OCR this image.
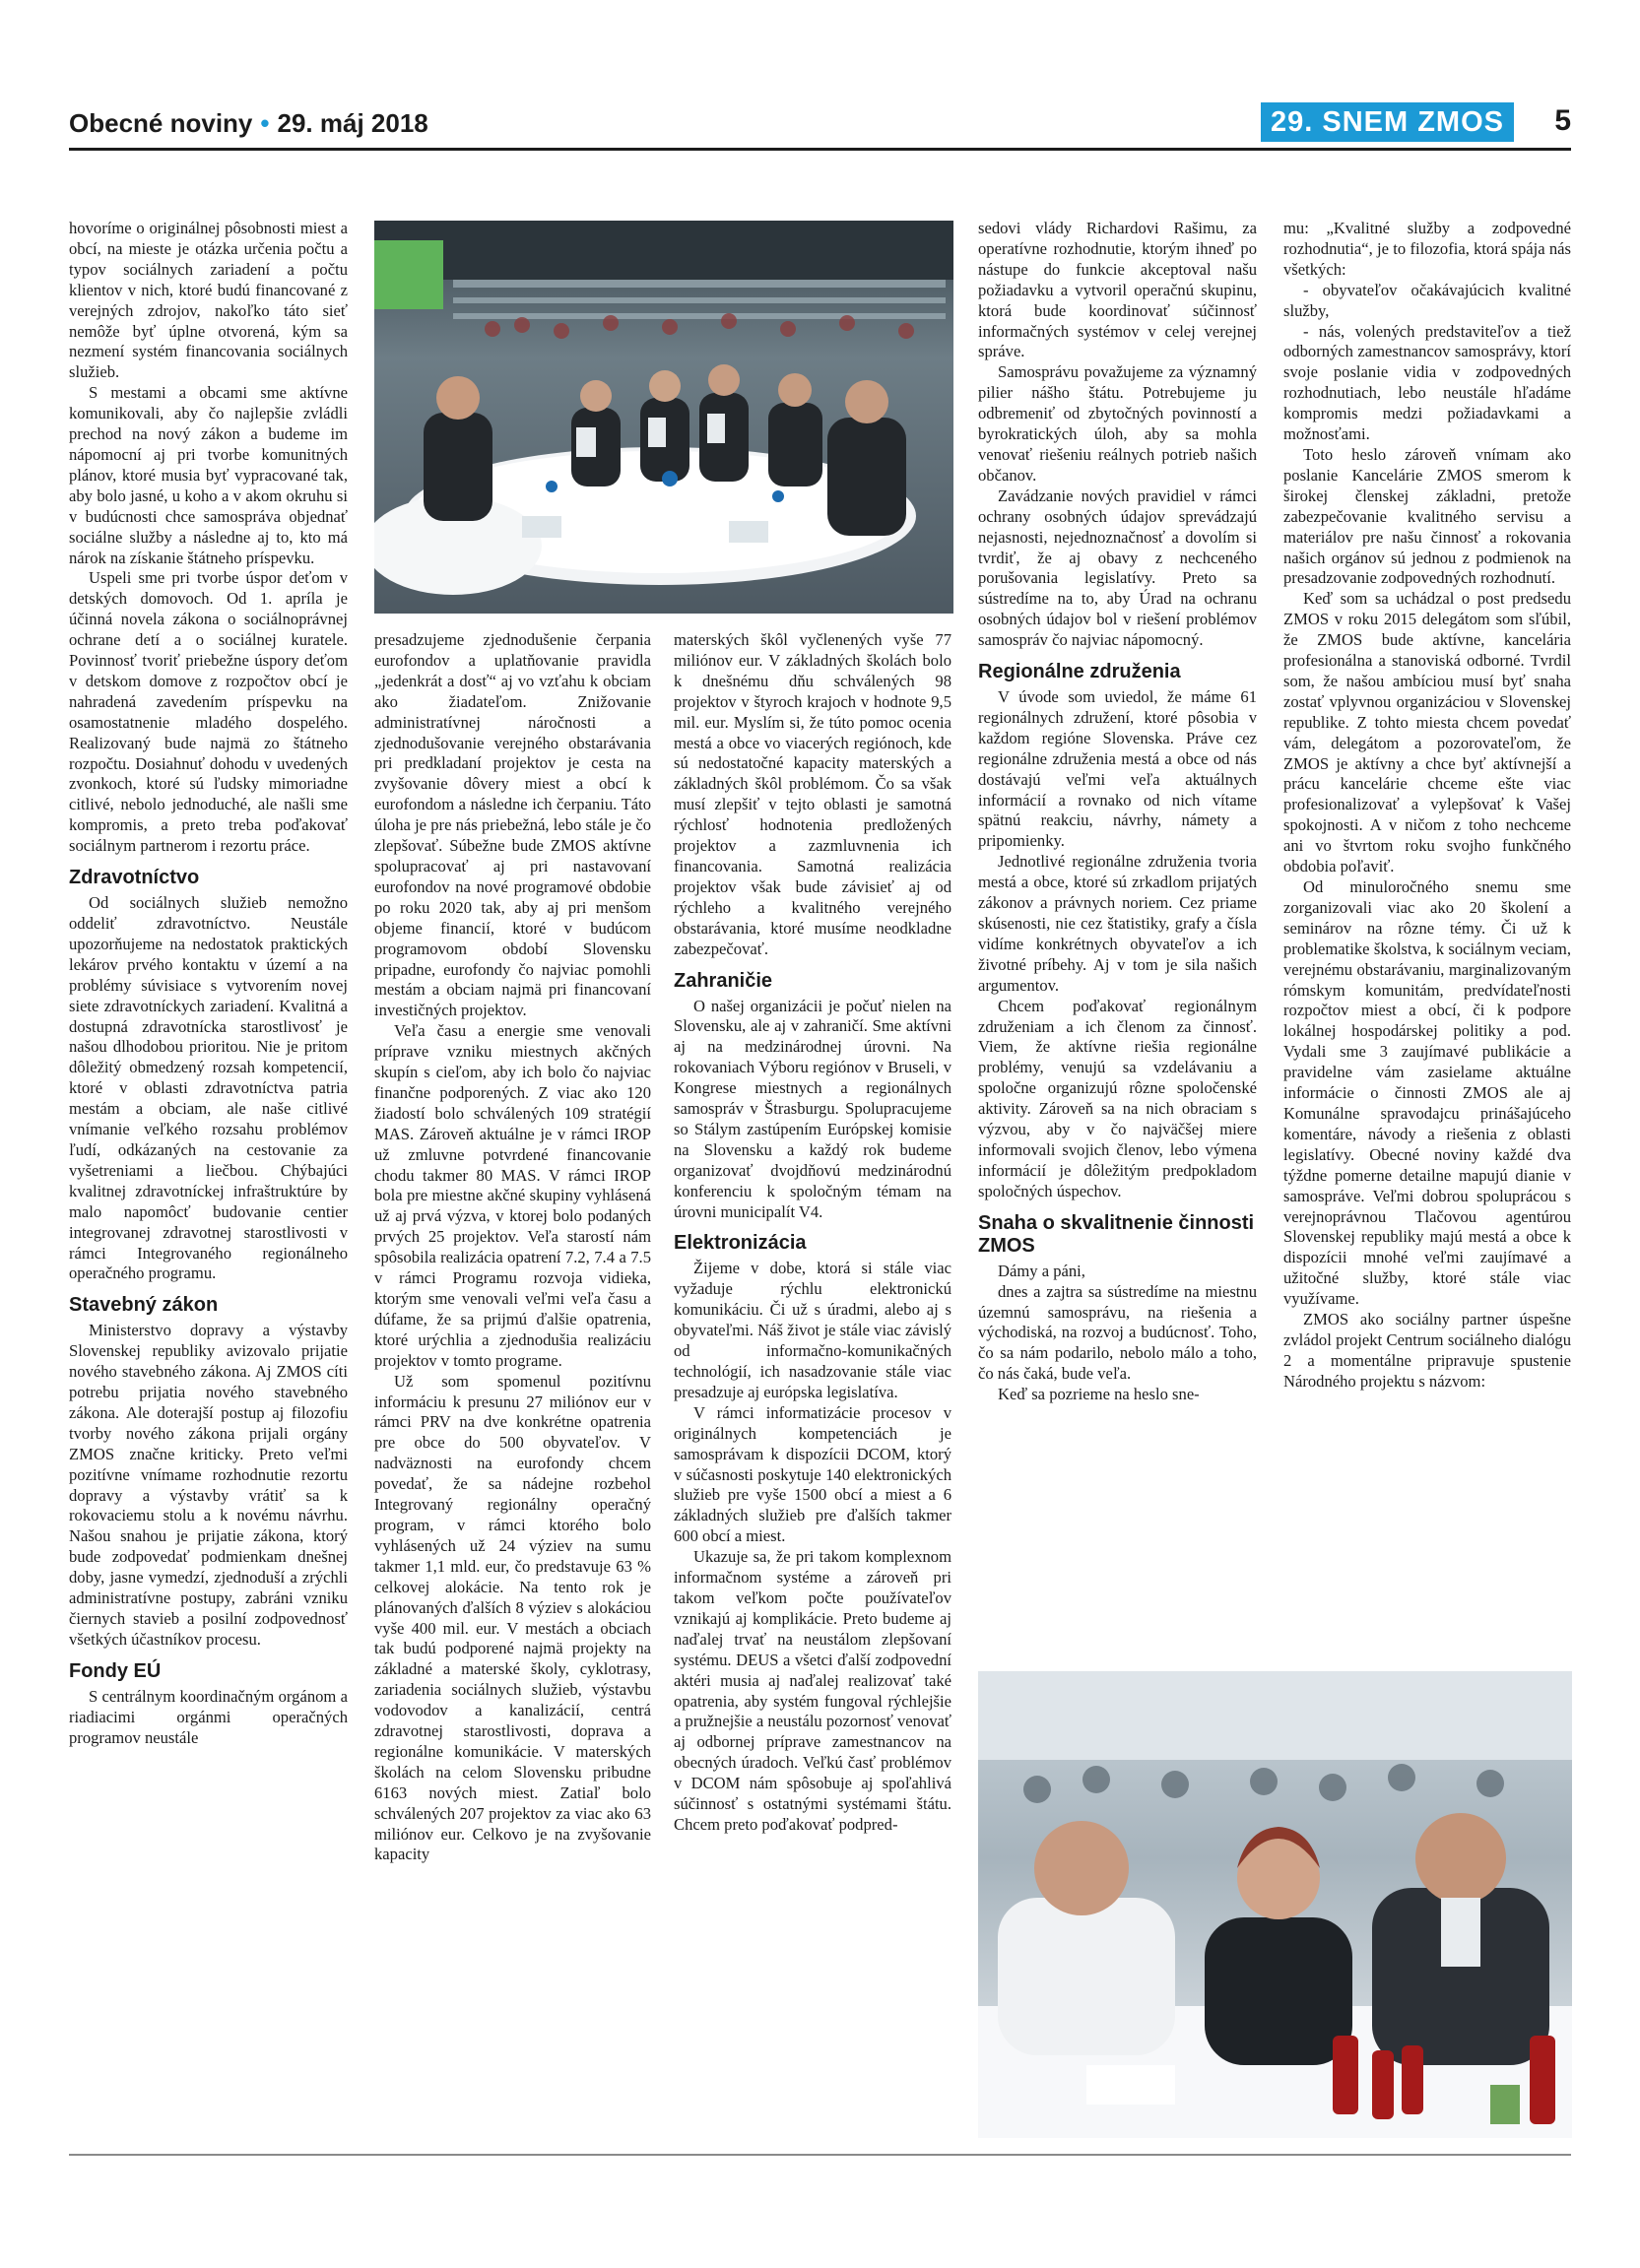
Obecné noviny • 29. máj 2018	29. SNEM ZMOS	5

hovoríme o originálnej pôsobnosti miest a obcí, na mieste je otázka určenia počtu a typov sociálnych zariadení a počtu klientov v nich, ktoré budú financované z verejných zdrojov, nakoľko táto sieť nemôže byť úplne otvorená, kým sa nezmení systém financovania sociálnych služieb.

S mestami a obcami sme aktívne komunikovali, aby čo najlepšie zvládli prechod na nový zákon a budeme im nápomocní aj pri tvorbe komunitných plánov, ktoré musia byť vypracované tak, aby bolo jasné, u koho a v akom okruhu si v budúcnosti chce samospráva objednať sociálne služby a následne aj to, kto má nárok na získanie štátneho príspevku.

Uspeli sme pri tvorbe úspor deťom v detských domovoch. Od 1. apríla je účinná novela zákona o sociálnoprávnej ochrane detí a o sociálnej kuratele. Povinnosť tvoriť priebežne úspory deťom v detskom domove z rozpočtov obcí je nahradená zavedením príspevku na osamostatnenie mladého dospelého. Realizovaný bude najmä zo štátneho rozpočtu. Dosiahnuť dohodu v uvedených zvonkoch, ktoré sú ľudsky mimoriadne citlivé, nebolo jednoduché, ale našli sme kompromis, a preto treba poďakovať sociálnym partnerom i rezortu práce.

Zdravotníctvo

Od sociálnych služieb nemožno oddeliť zdravotníctvo. Neustále upozorňujeme na nedostatok praktických lekárov prvého kontaktu v území a na problémy súvisiace s vytvorením novej siete zdravotníckych zariadení. Kvalitná a dostupná zdravotnícka starostlivosť je našou dlhodobou prioritou. Nie je pritom dôležitý obmedzený rozsah kompetencií, ktoré v oblasti zdravotníctva patria mestám a obciam, ale naše citlivé vnímanie veľkého rozsahu problémov ľudí, odkázaných na cestovanie za vyšetreniami a liečbou. Chýbajúci kvalitnej zdravotníckej infraštruktúre by malo napomôcť budovanie centier integrovanej zdravotnej starostlivosti v rámci Integrovaného regionálneho operačného programu.

Stavebný zákon

Ministerstvo dopravy a výstavby Slovenskej republiky avizovalo prijatie nového stavebného zákona. Aj ZMOS cíti potrebu prijatia nového stavebného zákona. Ale doterajší postup aj filozofiu tvorby nového zákona prijali orgány ZMOS značne kriticky. Preto veľmi pozitívne vnímame rozhodnutie rezortu dopravy a výstavby vrátiť sa k rokovaciemu stolu a k novému návrhu. Našou snahou je prijatie zákona, ktorý bude zodpovedať podmienkam dnešnej doby, jasne vymedzí, zjednoduší a zrýchli administratívne postupy, zabráni vzniku čiernych stavieb a posilní zodpovednosť všetkých účastníkov procesu.

Fondy EÚ

S centrálnym koordinačným orgánom a riadiacimi orgánmi operačných programov neustále

presadzujeme zjednodušenie čerpania eurofondov a uplatňovanie pravidla „jedenkrát a dosť“ aj vo vzťahu k obciam ako žiadateľom. Znižovanie administratívnej náročnosti a zjednodušovanie verejného obstarávania pri predkladaní projektov je cesta na zvyšovanie dôvery miest a obcí k eurofondom a následne ich čerpaniu. Táto úloha je pre nás priebežná, lebo stále je čo zlepšovať. Súbežne bude ZMOS aktívne spolupracovať aj pri nastavovaní eurofondov na nové programové obdobie po roku 2020 tak, aby aj pri menšom objeme financií, ktoré v budúcom programovom období Slovensku pripadne, eurofondy čo najviac pomohli mestám a obciam najmä pri financovaní investičných projektov.

Veľa času a energie sme venovali príprave vzniku miestnych akčných skupín s cieľom, aby ich bolo čo najviac finančne podporených. Z viac ako 120 žiadostí bolo schválených 109 stratégií MAS. Zároveň aktuálne je v rámci IROP už zmluvne potvrdené financovanie chodu takmer 80 MAS. V rámci IROP bola pre miestne akčné skupiny vyhlásená už aj prvá výzva, v ktorej bolo podaných prvých 25 projektov. Veľa starostí nám spôsobila realizácia opatrení 7.2, 7.4 a 7.5 v rámci Programu rozvoja vidieka, ktorým sme venovali veľmi veľa času a dúfame, že sa prijmú ďalšie opatrenia, ktoré urýchlia a zjednodušia realizáciu projektov v tomto programe.

Už som spomenul pozitívnu informáciu k presunu 27 miliónov eur v rámci PRV na dve konkrétne opatrenia pre obce do 500 obyvateľov. V nadväznosti na eurofondy chcem povedať, že sa nádejne rozbehol Integrovaný regionálny operačný program, v rámci ktorého bolo vyhlásených už 24 výziev na sumu takmer 1,1 mld. eur, čo predstavuje 63 % celkovej alokácie. Na tento rok je plánovaných ďalších 8 výziev s alokáciou vyše 400 mil. eur. V mestách a obciach tak budú podporené najmä projekty na základné a materské školy, cyklotrasy, zariadenia sociálnych služieb, výstavbu vodovodov a kanalizácií, centrá zdravotnej starostlivosti, doprava a regionálne komunikácie. V materských školách na celom Slovensku pribudne 6163 nových miest. Zatiaľ bolo schválených 207 projektov za viac ako 63 miliónov eur. Celkovo je na zvyšovanie kapacity

materských škôl vyčlenených vyše 77 miliónov eur. V základných školách bolo k dnešnému dňu schválených 98 projektov v štyroch krajoch v hodnote 9,5 mil. eur. Myslím si, že túto pomoc ocenia mestá a obce vo viacerých regiónoch, kde sú nedostatočné kapacity materských a základných škôl problémom. Čo sa však musí zlepšiť v tejto oblasti je samotná rýchlosť hodnotenia predložených projektov a zazmluvnenia ich financovania. Samotná realizácia projektov však bude závisieť aj od rýchleho a kvalitného verejného obstarávania, ktoré musíme neodkladne zabezpečovať.

Zahraničie

O našej organizácii je počuť nielen na Slovensku, ale aj v zahraničí. Sme aktívni aj na medzinárodnej úrovni. Na rokovaniach Výboru regiónov v Bruseli, v Kongrese miestnych a regionálnych samospráv v Štrasburgu. Spolupracujeme so Stálym zastúpením Európskej komisie na Slovensku a každý rok budeme organizovať dvojdňovú medzinárodnú konferenciu k spoločným témam na úrovni municipalít V4.

Elektronizácia

Žijeme v dobe, ktorá si stále viac vyžaduje rýchlu elektronickú komunikáciu. Či už s úradmi, alebo aj s obyvateľmi. Náš život je stále viac závislý od informačno-komunikačných technológií, ich nasadzovanie stále viac presadzuje aj európska legislatíva.

V rámci informatizácie procesov v originálnych kompetenciách je samosprávam k dispozícii DCOM, ktorý v súčasnosti poskytuje 140 elektronických služieb pre vyše 1500 obcí a miest a 6 základných služieb pre ďalších takmer 600 obcí a miest.

Ukazuje sa, že pri takom komplexnom informačnom systéme a zároveň pri takom veľkom počte používateľov vznikajú aj komplikácie. Preto budeme aj naďalej trvať na neustálom zlepšovaní systému. DEUS a všetci ďalší zodpovední aktéri musia aj naďalej realizovať také opatrenia, aby systém fungoval rýchlejšie a pružnejšie a neustálu pozornosť venovať aj odbornej príprave zamestnancov na obecných úradoch. Veľkú časť problémov v DCOM nám spôsobuje aj spoľahlivá súčinnosť s ostatnými systémami štátu. Chcem preto poďakovať podpred-

sedovi vlády Richardovi Rašimu, za operatívne rozhodnutie, ktorým ihneď po nástupe do funkcie akceptoval našu požiadavku a vytvoril operačnú skupinu, ktorá bude koordinovať súčinnosť informačných systémov v celej verejnej správe.

Samosprávu považujeme za významný pilier nášho štátu. Potrebujeme ju odbremeniť od zbytočných povinností a byrokratických úloh, aby sa mohla venovať riešeniu reálnych potrieb našich občanov.

Zavádzanie nových pravidiel v rámci ochrany osobných údajov sprevádzajú nejasnosti, nejednoznačnosť a dovolím si tvrdiť, že aj obavy z nechceného porušovania legislatívy. Preto sa sústredíme na to, aby Úrad na ochranu osobných údajov bol v riešení problémov samospráv čo najviac nápomocný.

Regionálne združenia

V úvode som uviedol, že máme 61 regionálnych združení, ktoré pôsobia v každom regióne Slovenska. Práve cez regionálne združenia mestá a obce od nás dostávajú veľmi veľa aktuálnych informácií a rovnako od nich vítame spätnú reakciu, návrhy, námety a pripomienky.

Jednotlivé regionálne združenia tvoria mestá a obce, ktoré sú zrkadlom prijatých zákonov a právnych noriem. Cez priame skúsenosti, nie cez štatistiky, grafy a čísla vidíme konkrétnych obyvateľov a ich životné príbehy. Aj v tom je sila našich argumentov.

Chcem poďakovať regionálnym združeniam a ich členom za činnosť. Viem, že aktívne riešia regionálne problémy, venujú sa vzdelávaniu a spoločne organizujú rôzne spoločenské aktivity. Zároveň sa na nich obraciam s výzvou, aby v čo najväčšej miere informovali svojich členov, lebo výmena informácií je dôležitým predpokladom spoločných úspechov.

Snaha o skvalitnenie činnosti ZMOS

Dámy a páni,

dnes a zajtra sa sústredíme na miestnu územnú samosprávu, na riešenia a východiská, na rozvoj a budúcnosť. Toho, čo sa nám podarilo, nebolo málo a toho, čo nás čaká, bude veľa.

Keď sa pozrieme na heslo sne-

mu: „Kvalitné služby a zodpovedné rozhodnutia“, je to filozofia, ktorá spája nás všetkých:

- obyvateľov očakávajúcich kvalitné služby,

- nás, volených predstaviteľov a tiež odborných zamestnancov samosprávy, ktorí svoje poslanie vidia v zodpovedných rozhodnutiach, lebo neustále hľadáme kompromis medzi požiadavkami a možnosťami.

Toto heslo zároveň vnímam ako poslanie Kancelárie ZMOS smerom k širokej členskej základni, pretože zabezpečovanie kvalitného servisu a materiálov pre našu činnosť a rokovania našich orgánov sú jednou z podmienok na presadzovanie zodpovedných rozhodnutí.

Keď som sa uchádzal o post predsedu ZMOS v roku 2015 delegátom som sľúbil, že ZMOS bude aktívne, kancelária profesionálna a stanoviská odborné. Tvrdil som, že našou ambíciou musí byť snaha zostať vplyvnou organizáciou v Slovenskej republike. Z tohto miesta chcem povedať vám, delegátom a pozorovateľom, že ZMOS je aktívny a chce byť aktívnejší a prácu kancelárie chceme ešte viac profesionalizovať a vylepšovať k Vašej spokojnosti. A v ničom z toho nechceme ani vo štvrtom roku svojho funkčného obdobia poľaviť.

Od minuloročného snemu sme zorganizovali viac ako 20 školení a seminárov na rôzne témy. Či už k problematike školstva, k sociálnym veciam, verejnému obstarávaniu, marginalizovaným rómskym komunitám, predvídateľnosti rozpočtov miest a obcí, či k podpore lokálnej hospodárskej politiky a pod. Vydali sme 3 zaujímavé publikácie a pravidelne vám zasielame aktuálne informácie o činnosti ZMOS ale aj Komunálne spravodajcu prinášajúceho komentáre, návody a riešenia z oblasti legislatívy. Obecné noviny každé dva týždne pomerne detailne mapujú dianie v samospráve. Veľmi dobrou spoluprácou s verejnoprávnou Tlačovou agentúrou Slovenskej republiky majú mestá a obce k dispozícii mnohé veľmi zaujímavé a užitočné služby, ktoré stále viac využívame.

ZMOS ako sociálny partner úspešne zvládol projekt Centrum sociálneho dialógu 2 a momentálne pripravuje spustenie Národného projektu s názvom:
